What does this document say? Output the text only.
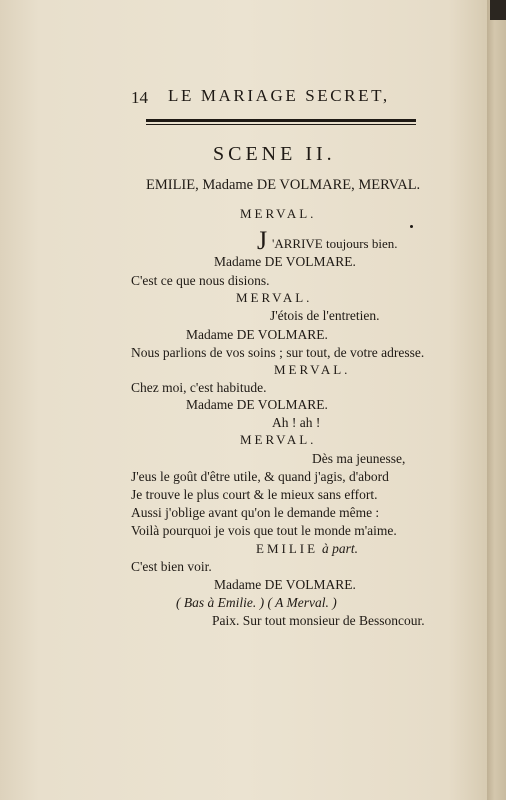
14 LE MARIAGE SECRET,
SCENE II.
EMILIE, Madame DE VOLMARE, MERVAL.
MERVAL.
J 'ARRIVE toujours bien.
Madame DE VOLMARE.
C'est ce que nous disions.
MERVAL.
J'étois de l'entretien.
Madame DE VOLMARE.
Nous parlions de vos soins ; sur tout, de votre adresse.
MERVAL.
Chez moi, c'est habitude.
Madame DE VOLMARE.
Ah ! ah !
MERVAL.
Dès ma jeunesse,
J'eus le goût d'être utile, & quand j'agis, d'abord
Je trouve le plus court & le mieux sans effort.
Aussi j'oblige avant qu'on le demande même :
Voilà pourquoi je vois que tout le monde m'aime.
EMILIE à part.
C'est bien voir.
Madame DE VOLMARE.
( Bas à Emilie. ) ( A Merval. )
Paix. Sur tout monsieur de Bessoncour.
